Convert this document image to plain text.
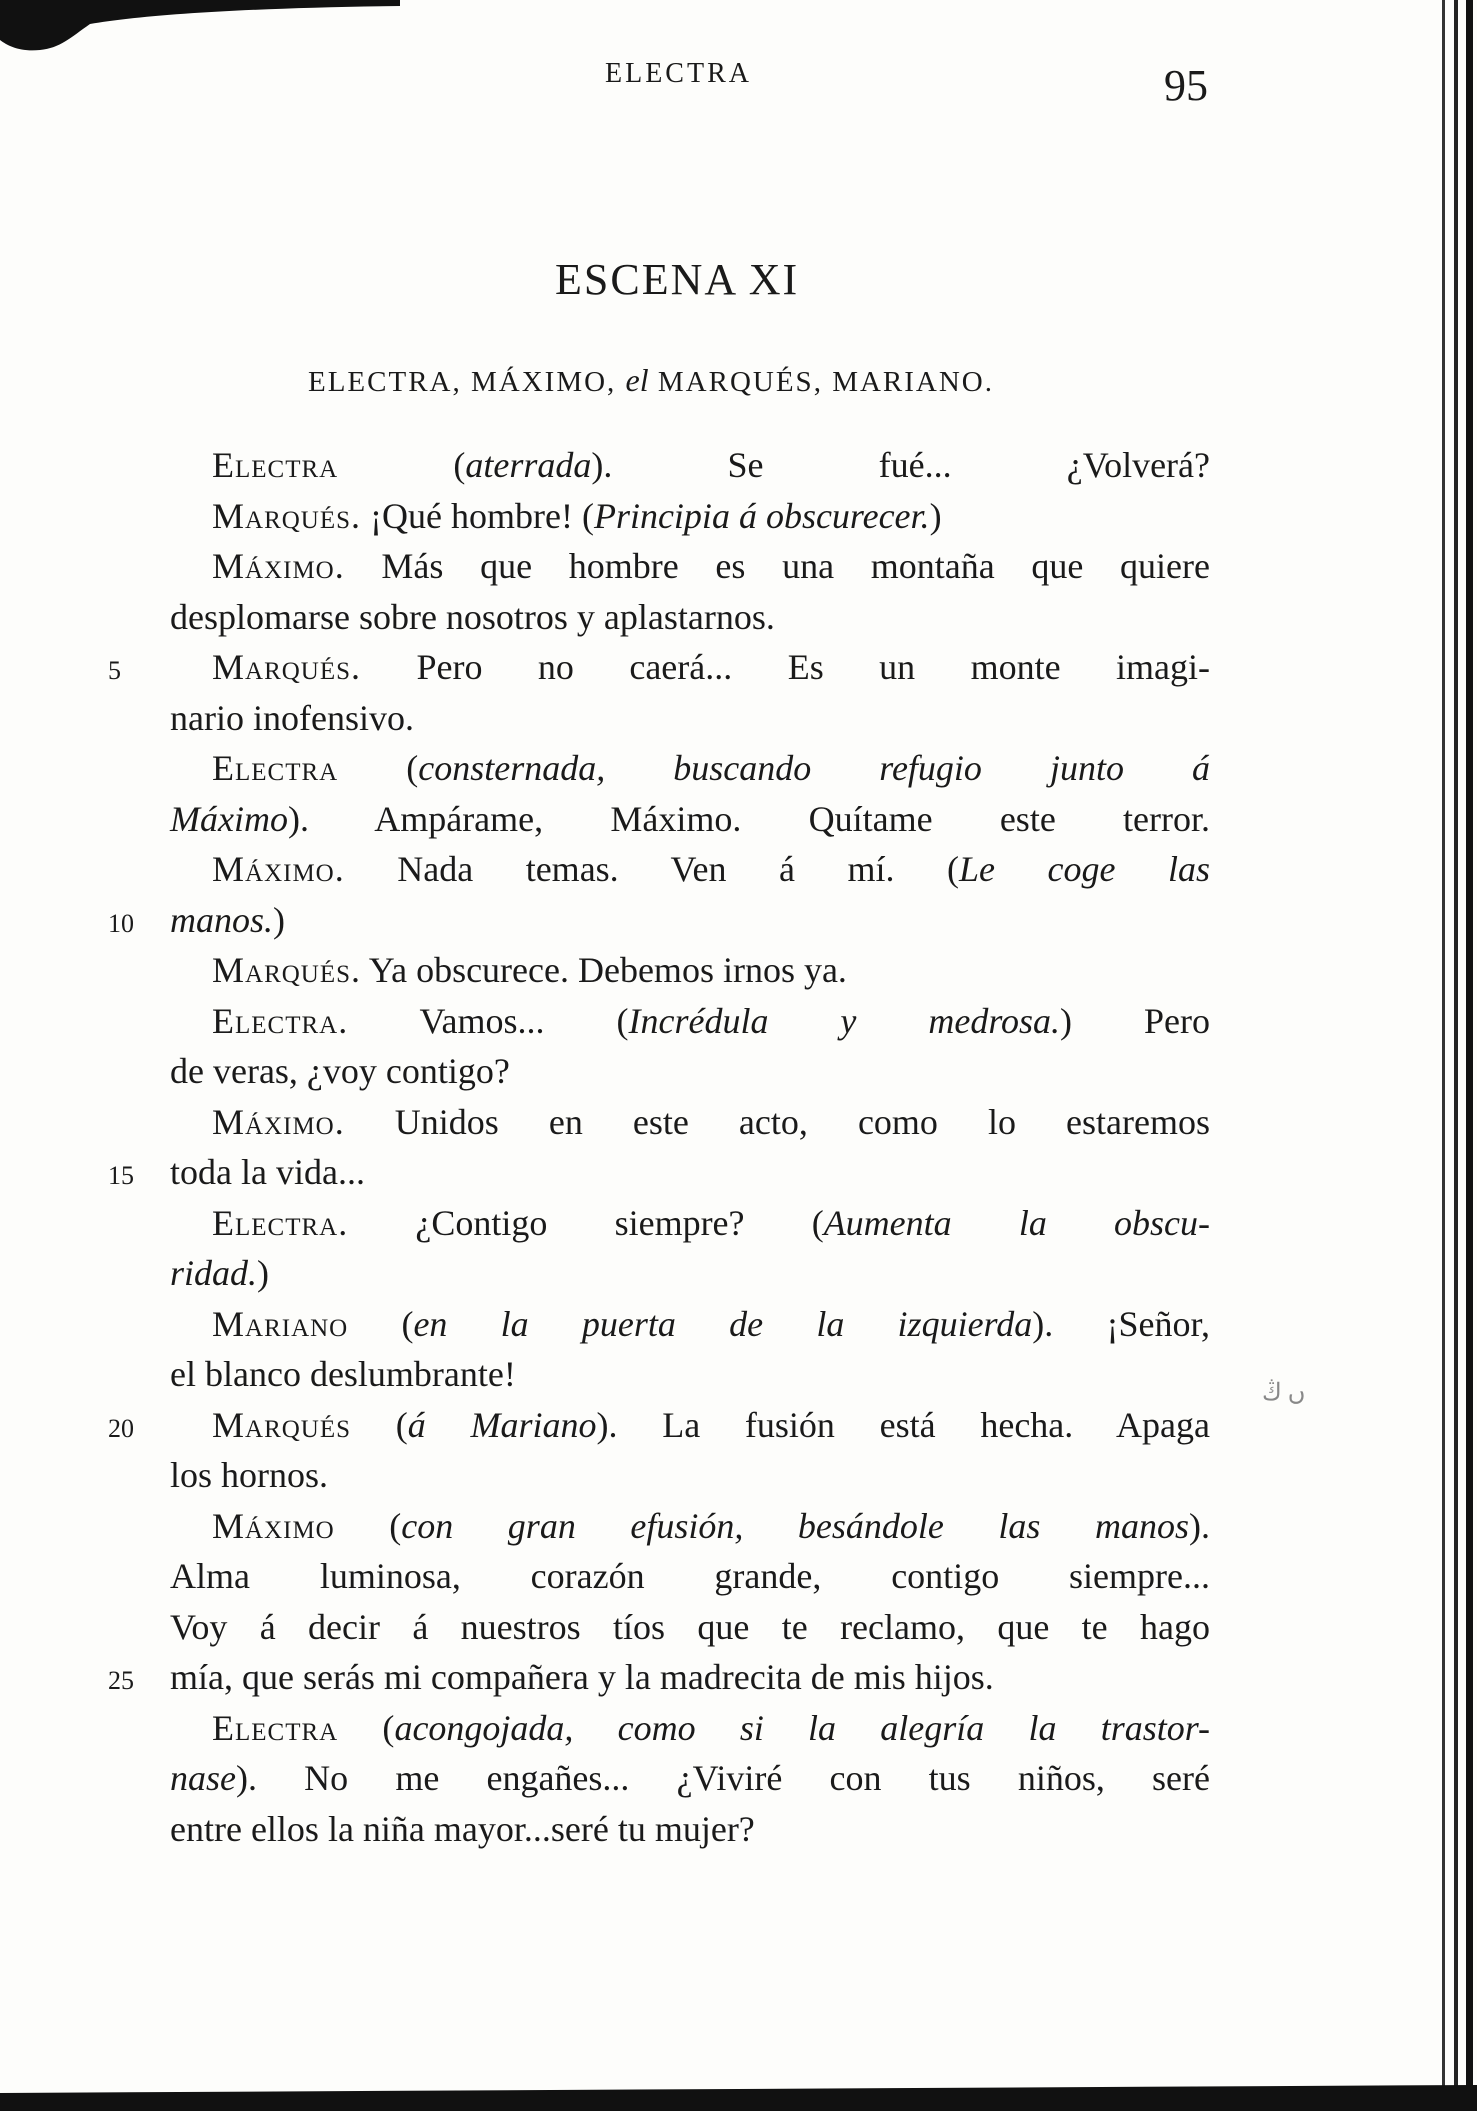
ں ڭ
ELECTRA	95
ESCENA XI
ELECTRA, MÁXIMO, el MARQUÉS, MARIANO.
Electra (aterrada). Se fué... ¿Volverá?
Marqués. ¡Qué hombre! (Principia á obscurecer.)
Máximo. Más que hombre es una montaña que quiere
desplomarse sobre nosotros y aplastarnos.
5	Marqués. Pero no caerá... Es un monte imagi-
nario inofensivo.
Electra (consternada, buscando refugio junto á
Máximo). Ampárame, Máximo. Quítame este terror.
Máximo. Nada temas. Ven á mí. (Le coge las
10	manos.)
Marqués. Ya obscurece. Debemos irnos ya.
Electra. Vamos... (Incrédula y medrosa.) Pero
de veras, ¿voy contigo?
Máximo. Unidos en este acto, como lo estaremos
15	toda la vida...
Electra. ¿Contigo siempre? (Aumenta la obscu-
ridad.)
Mariano (en la puerta de la izquierda). ¡Señor,
el blanco deslumbrante!
20	Marqués (á Mariano). La fusión está hecha. Apaga
los hornos.
Máximo (con gran efusión, besándole las manos).
Alma luminosa, corazón grande, contigo siempre...
Voy á decir á nuestros tíos que te reclamo, que te hago
25	mía, que serás mi compañera y la madrecita de mis hijos.
Electra (acongojada, como si la alegría la trastor-
nase). No me engañes... ¿Viviré con tus niños, seré
entre ellos la niña mayor...seré tu mujer?
